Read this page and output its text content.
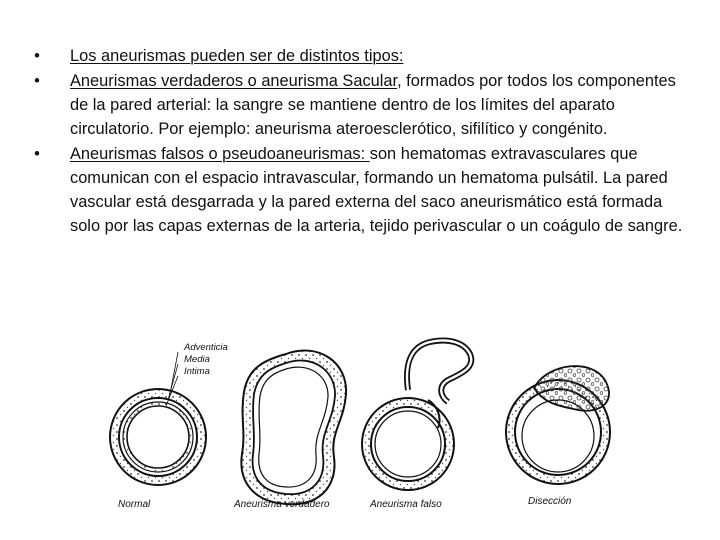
• Los aneurismas pueden ser de distintos tipos:
• Aneurismas verdaderos o aneurisma Sacular, formados por todos los componentes de la pared arterial: la sangre se mantiene dentro de los límites del aparato circulatorio. Por ejemplo: aneurisma ateroesclerótico, sifilítico y congénito.
• Aneurismas falsos o pseudoaneurismas: son hematomas extravasculares que comunican con el espacio intravascular, formando un hematoma pulsátil. La pared vascular está desgarrada y la pared externa del saco aneurismático está formada solo por las capas externas de la arteria, tejido perivascular o un coágulo de sangre.
Adventicia
Media
Intima
Normal	Aneurisma verdadero	Aneurisma falso	Disección
